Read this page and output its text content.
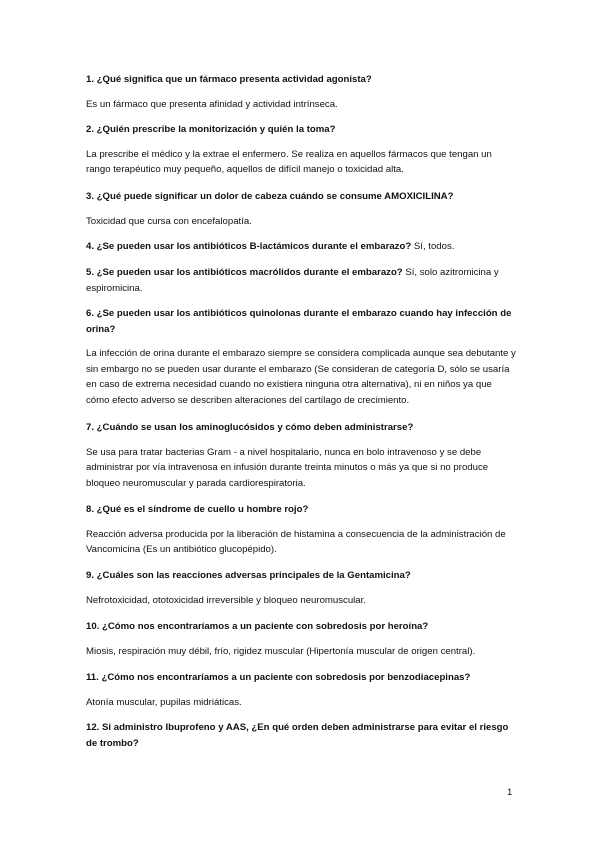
1. ¿Qué significa que un fármaco presenta actividad agonista?
Es un fármaco que presenta afinidad y actividad intrínseca.
2. ¿Quién prescribe la monitorización y quién la toma?
La prescribe el médico y la extrae el enfermero. Se realiza en aquellos fármacos que tengan un rango terapéutico muy pequeño, aquellos de difícil manejo o toxicidad alta.
3. ¿Qué puede significar un dolor de cabeza cuándo se consume AMOXICILINA?
Toxicidad que cursa con encefalopatía.
4. ¿Se pueden usar los antibióticos B-lactámicos durante el embarazo? Sí, todos.
5. ¿Se pueden usar los antibióticos macrólidos durante el embarazo? Sí, solo azitromicina y espiromicina.
6. ¿Se pueden usar los antibióticos quinolonas durante el embarazo cuando hay infección de orina?
La infección de orina durante el embarazo siempre se considera complicada aunque sea debutante y sin embargo no se pueden usar durante el embarazo (Se consideran de categoría D, sólo se usaría en caso de extrema necesidad cuando no existiera ninguna otra alternativa), ni en niños ya que cómo efecto adverso se describen alteraciones del cartílago de crecimiento.
7. ¿Cuándo se usan los aminoglucósidos y cómo deben administrarse?
Se usa para tratar bacterias Gram - a nivel hospitalario, nunca en bolo intravenoso y se debe administrar por vía intravenosa en infusión durante treinta minutos o más ya que si no produce bloqueo neuromuscular y parada cardiorespiratoria.
8. ¿Qué es el síndrome de cuello u hombre rojo?
Reacción adversa producida por la liberación de histamina a consecuencia de la administración de Vancomicina (Es un antibiótico glucopépido).
9. ¿Cuáles son las reacciones adversas principales de la Gentamicina?
Nefrotoxicidad, ototoxicidad irreversible y bloqueo neuromuscular.
10. ¿Cómo nos encontraríamos a un paciente con sobredosis por heroína?
Miosis, respiración muy débil, frío, rigidez muscular (Hipertonía muscular de origen central).
11. ¿Cómo nos encontraríamos a un paciente con sobredosis por benzodiacepinas?
Atonía muscular, pupilas midriáticas.
12. Si administro Ibuprofeno y AAS, ¿En qué orden deben administrarse para evitar el riesgo de trombo?
1
